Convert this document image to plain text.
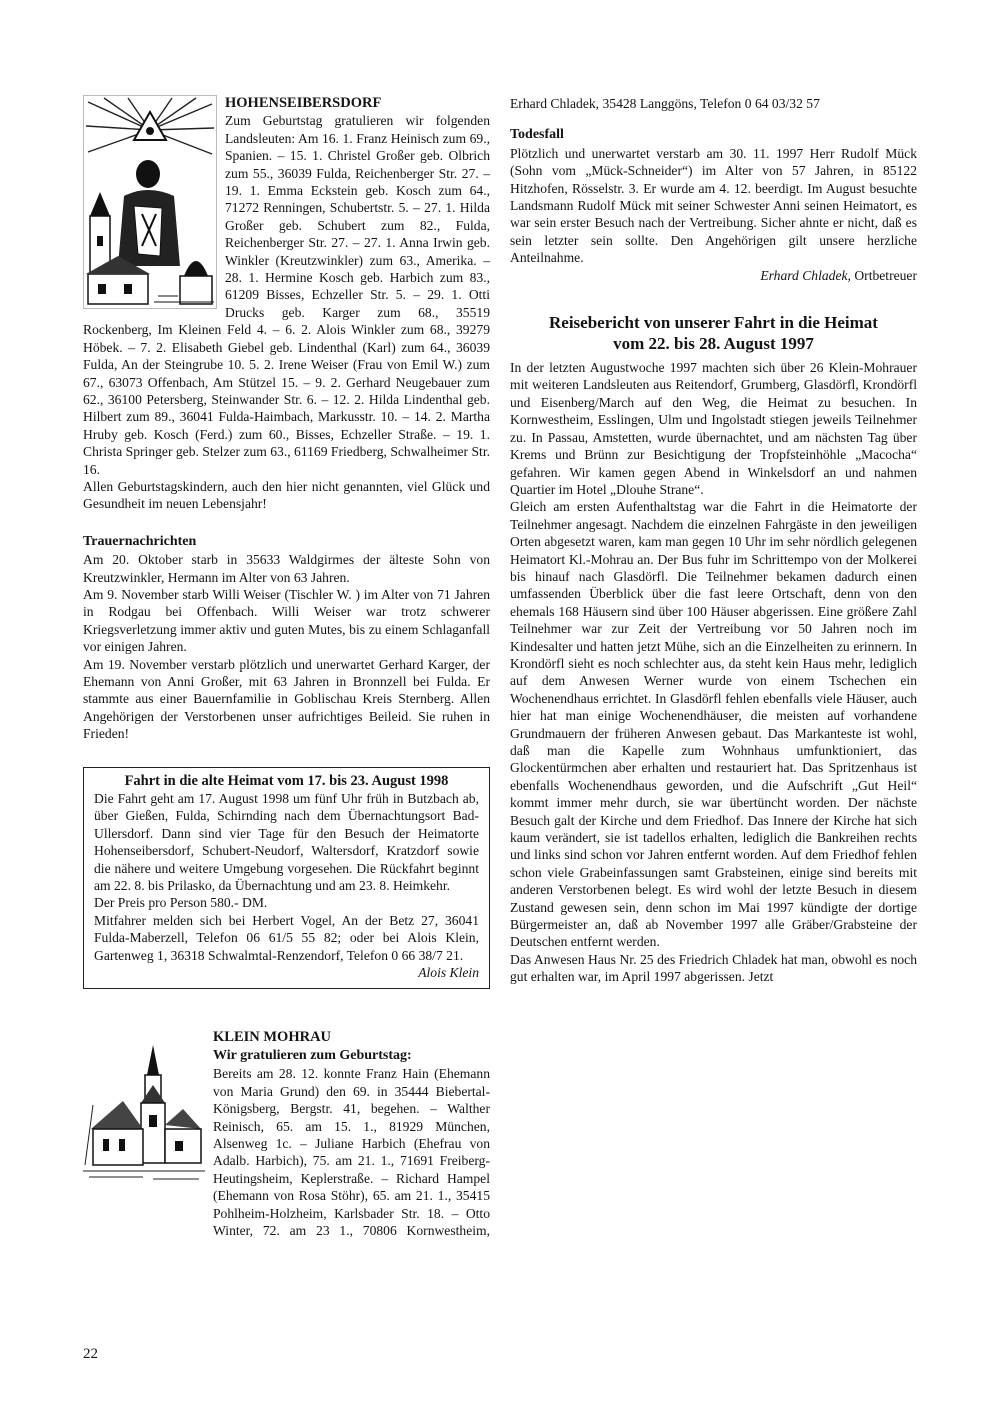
HOHENSEIBERSDORF

Zum Geburtstag gratulieren wir folgenden Landsleuten: Am 16. 1. Franz Heinisch zum 69., Spanien. – 15. 1. Christel Großer geb. Olbrich zum 55., 36039 Fulda, Reichenberger Str. 27. – 19. 1. Emma Eckstein geb. Kosch zum 64., 71272 Renningen, Schubertstr. 5. – 27. 1. Hilda Großer geb. Schubert zum 82., Fulda, Reichenberger Str. 27. – 27. 1. Anna Irwin geb. Winkler (Kreutzwinkler) zum 63., Amerika. – 28. 1. Hermine Kosch geb. Harbich zum 83., 61209 Bisses, Echzeller Str. 5. – 29. 1. Otti Drucks geb. Karger zum 68., 35519 Rockenberg, Im Kleinen Feld 4. – 6. 2. Alois Winkler zum 68., 39279 Höbek. – 7. 2. Elisabeth Giebel geb. Lindenthal (Karl) zum 64., 36039 Fulda, An der Steingrube 10. 5. 2. Irene Weiser (Frau von Emil W.) zum 67., 63073 Offenbach, Am Stützel 15. – 9. 2. Gerhard Neugebauer zum 62., 36100 Petersberg, Steinwander Str. 6. – 12. 2. Hilda Lindenthal geb. Hilbert zum 89., 36041 Fulda-Haimbach, Markusstr. 10. – 14. 2. Martha Hruby geb. Kosch (Ferd.) zum 60., Bisses, Echzeller Straße. – 19. 1. Christa Springer geb. Stelzer zum 63., 61169 Friedberg, Schwalheimer Str. 16.

Allen Geburtstagskindern, auch den hier nicht genannten, viel Glück und Gesundheit im neuen Lebensjahr!

Trauernachrichten

Am 20. Oktober starb in 35633 Waldgirmes der älteste Sohn von Kreutzwinkler, Hermann im Alter von 63 Jahren.

Am 9. November starb Willi Weiser (Tischler W. ) im Alter von 71 Jahren in Rodgau bei Offenbach. Willi Weiser war trotz schwerer Kriegsverletzung immer aktiv und guten Mutes, bis zu einem Schlaganfall vor einigen Jahren.

Am 19. November verstarb plötzlich und unerwartet Gerhard Karger, der Ehemann von Anni Großer, mit 63 Jahren in Bronnzell bei Fulda. Er stammte aus einer Bauernfamilie in Goblischau Kreis Sternberg. Allen Angehörigen der Verstorbenen unser aufrichtiges Beileid. Sie ruhen in Frieden!

Fahrt in die alte Heimat vom 17. bis 23. August 1998

Die Fahrt geht am 17. August 1998 um fünf Uhr früh in Butzbach ab, über Gießen, Fulda, Schirnding nach dem Übernachtungsort Bad-Ullersdorf. Dann sind vier Tage für den Besuch der Heimatorte Hohenseibersdorf, Schubert-Neudorf, Waltersdorf, Kratzdorf sowie die nähere und weitere Umgebung vorgesehen. Die Rückfahrt beginnt am 22. 8. bis Prilasko, da Übernachtung und am 23. 8. Heimkehr.

Der Preis pro Person 580.- DM.

Mitfahrer melden sich bei Herbert Vogel, An der Betz 27, 36041 Fulda-Maberzell, Telefon 06 61/5 55 82; oder bei Alois Klein, Gartenweg 1, 36318 Schwalmtal-Renzendorf, Telefon 0 66 38/7 21.

Alois Klein

KLEIN MOHRAU

Wir gratulieren zum Geburtstag:

Bereits am 28. 12. konnte Franz Hain (Ehemann von Maria Grund) den 69. in 35444 Biebertal-Königsberg, Bergstr. 41, begehen. – Walther Reinisch, 65. am 15. 1., 81929 München, Alsenweg 1c. – Juliane Harbich (Ehefrau von Adalb. Harbich), 75. am 21. 1., 71691 Freiberg-Heutingsheim, Keplerstraße. – Richard Hampel (Ehemann von Rosa Stöhr), 65. am 21. 1., 35415 Pohlheim-Holzheim, Karlsbader Str. 18. – Otto Winter, 72. am 23 1., 70806 Kornwestheim,

Erhard Chladek, 35428 Langgöns, Telefon 0 64 03/32 57

Todesfall

Plötzlich und unerwartet verstarb am 30. 11. 1997 Herr Rudolf Mück (Sohn vom „Mück-Schneider“) im Alter von 57 Jahren, in 85122 Hitzhofen, Rösselstr. 3. Er wurde am 4. 12. beerdigt. Im August besuchte Landsmann Rudolf Mück mit seiner Schwester Anni seinen Heimatort, es war sein erster Besuch nach der Vertreibung. Sicher ahnte er nicht, daß es sein letzter sein sollte. Den Angehörigen gilt unsere herzliche Anteilnahme.

Erhard Chladek, Ortbetreuer

Reisebericht von unserer Fahrt in die Heimat

vom 22. bis 28. August 1997

In der letzten Augustwoche 1997 machten sich über 26 Klein-Mohrauer mit weiteren Landsleuten aus Reitendorf, Grumberg, Glasdörfl, Krondörfl und Eisenberg/March auf den Weg, die Heimat zu besuchen. In Kornwestheim, Esslingen, Ulm und Ingolstadt stiegen jeweils Teilnehmer zu. In Passau, Amstetten, wurde übernachtet, und am nächsten Tag über Krems und Brünn zur Besichtigung der Tropfsteinhöhle „Macocha“ gefahren. Wir kamen gegen Abend in Winkelsdorf an und nahmen Quartier im Hotel „Dlouhe Strane“.

Gleich am ersten Aufenthaltstag war die Fahrt in die Heimatorte der Teilnehmer angesagt. Nachdem die einzelnen Fahrgäste in den jeweiligen Orten abgesetzt waren, kam man gegen 10 Uhr im sehr nördlich gelegenen Heimatort Kl.-Mohrau an. Der Bus fuhr im Schrittempo von der Molkerei bis hinauf nach Glasdörfl. Die Teilnehmer bekamen dadurch einen umfassenden Überblick über die fast leere Ortschaft, denn von den ehemals 168 Häusern sind über 100 Häuser abgerissen. Eine größere Zahl Teilnehmer war zur Zeit der Vertreibung vor 50 Jahren noch im Kindesalter und hatten jetzt Mühe, sich an die Einzelheiten zu erinnern. In Krondörfl sieht es noch schlechter aus, da steht kein Haus mehr, lediglich auf dem Anwesen Werner wurde von einem Tschechen ein Wochenendhaus errichtet. In Glasdörfl fehlen ebenfalls viele Häuser, auch hier hat man einige Wochenendhäuser, die meisten auf vorhandene Grundmauern der früheren Anwesen gebaut. Das Markanteste ist wohl, daß man die Kapelle zum Wohnhaus umfunktioniert, das Glockentürmchen aber erhalten und restauriert hat. Das Spritzenhaus ist ebenfalls Wochenendhaus geworden, und die Aufschrift „Gut Heil“ kommt immer mehr durch, sie war übertüncht worden. Der nächste Besuch galt der Kirche und dem Friedhof. Das Innere der Kirche hat sich kaum verändert, sie ist tadellos erhalten, lediglich die Bankreihen rechts und links sind schon vor Jahren entfernt worden. Auf dem Friedhof fehlen schon viele Grabeinfassungen samt Grabsteinen, einige sind bereits mit anderen Verstorbenen belegt. Es wird wohl der letzte Besuch in diesem Zustand gewesen sein, denn schon im Mai 1997 kündigte der dortige Bürgermeister an, daß ab November 1997 alle Gräber/Grabsteine der Deutschen entfernt werden.

Das Anwesen Haus Nr. 25 des Friedrich Chladek hat man, obwohl es noch gut erhalten war, im April 1997 abgerissen. Jetzt

22
